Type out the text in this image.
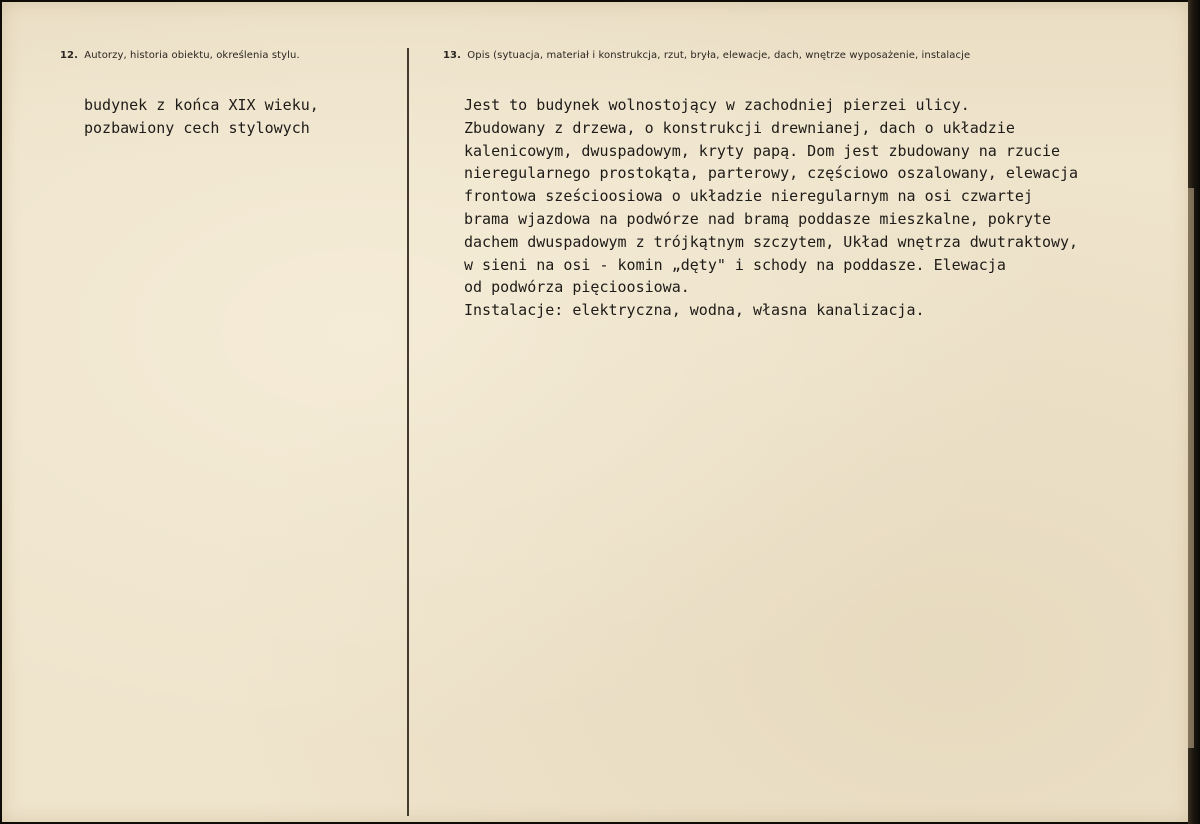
12. Autorzy, historia obiektu, określenia stylu.	13. Opis (sytuacja, materiał i konstrukcja, rzut, bryła, elewacje, dach, wnętrze wyposażenie, instalacje
budynek z końca XIX wieku,
pozbawiony cech stylowych
Jest to budynek wolnostojący w zachodniej pierzei ulicy.
Zbudowany z drzewa, o konstrukcji drewnianej, dach o układzie
kalenicowym, dwuspadowym, kryty papą. Dom jest zbudowany na rzucie
nieregularnego prostokąta, parterowy, częściowo oszalowany, elewacja
frontowa sześcioosiowa o układzie nieregularnym na osi czwartej
brama wjazdowa na podwórze nad bramą poddasze mieszkalne, pokryte
dachem dwuspadowym z trójkątnym szczytem, Układ wnętrza dwutraktowy,
w sieni na osi - komin „dęty" i schody na poddasze. Elewacja
od podwórza pięcioosiowa.
Instalacje: elektryczna, wodna, własna kanalizacja.
